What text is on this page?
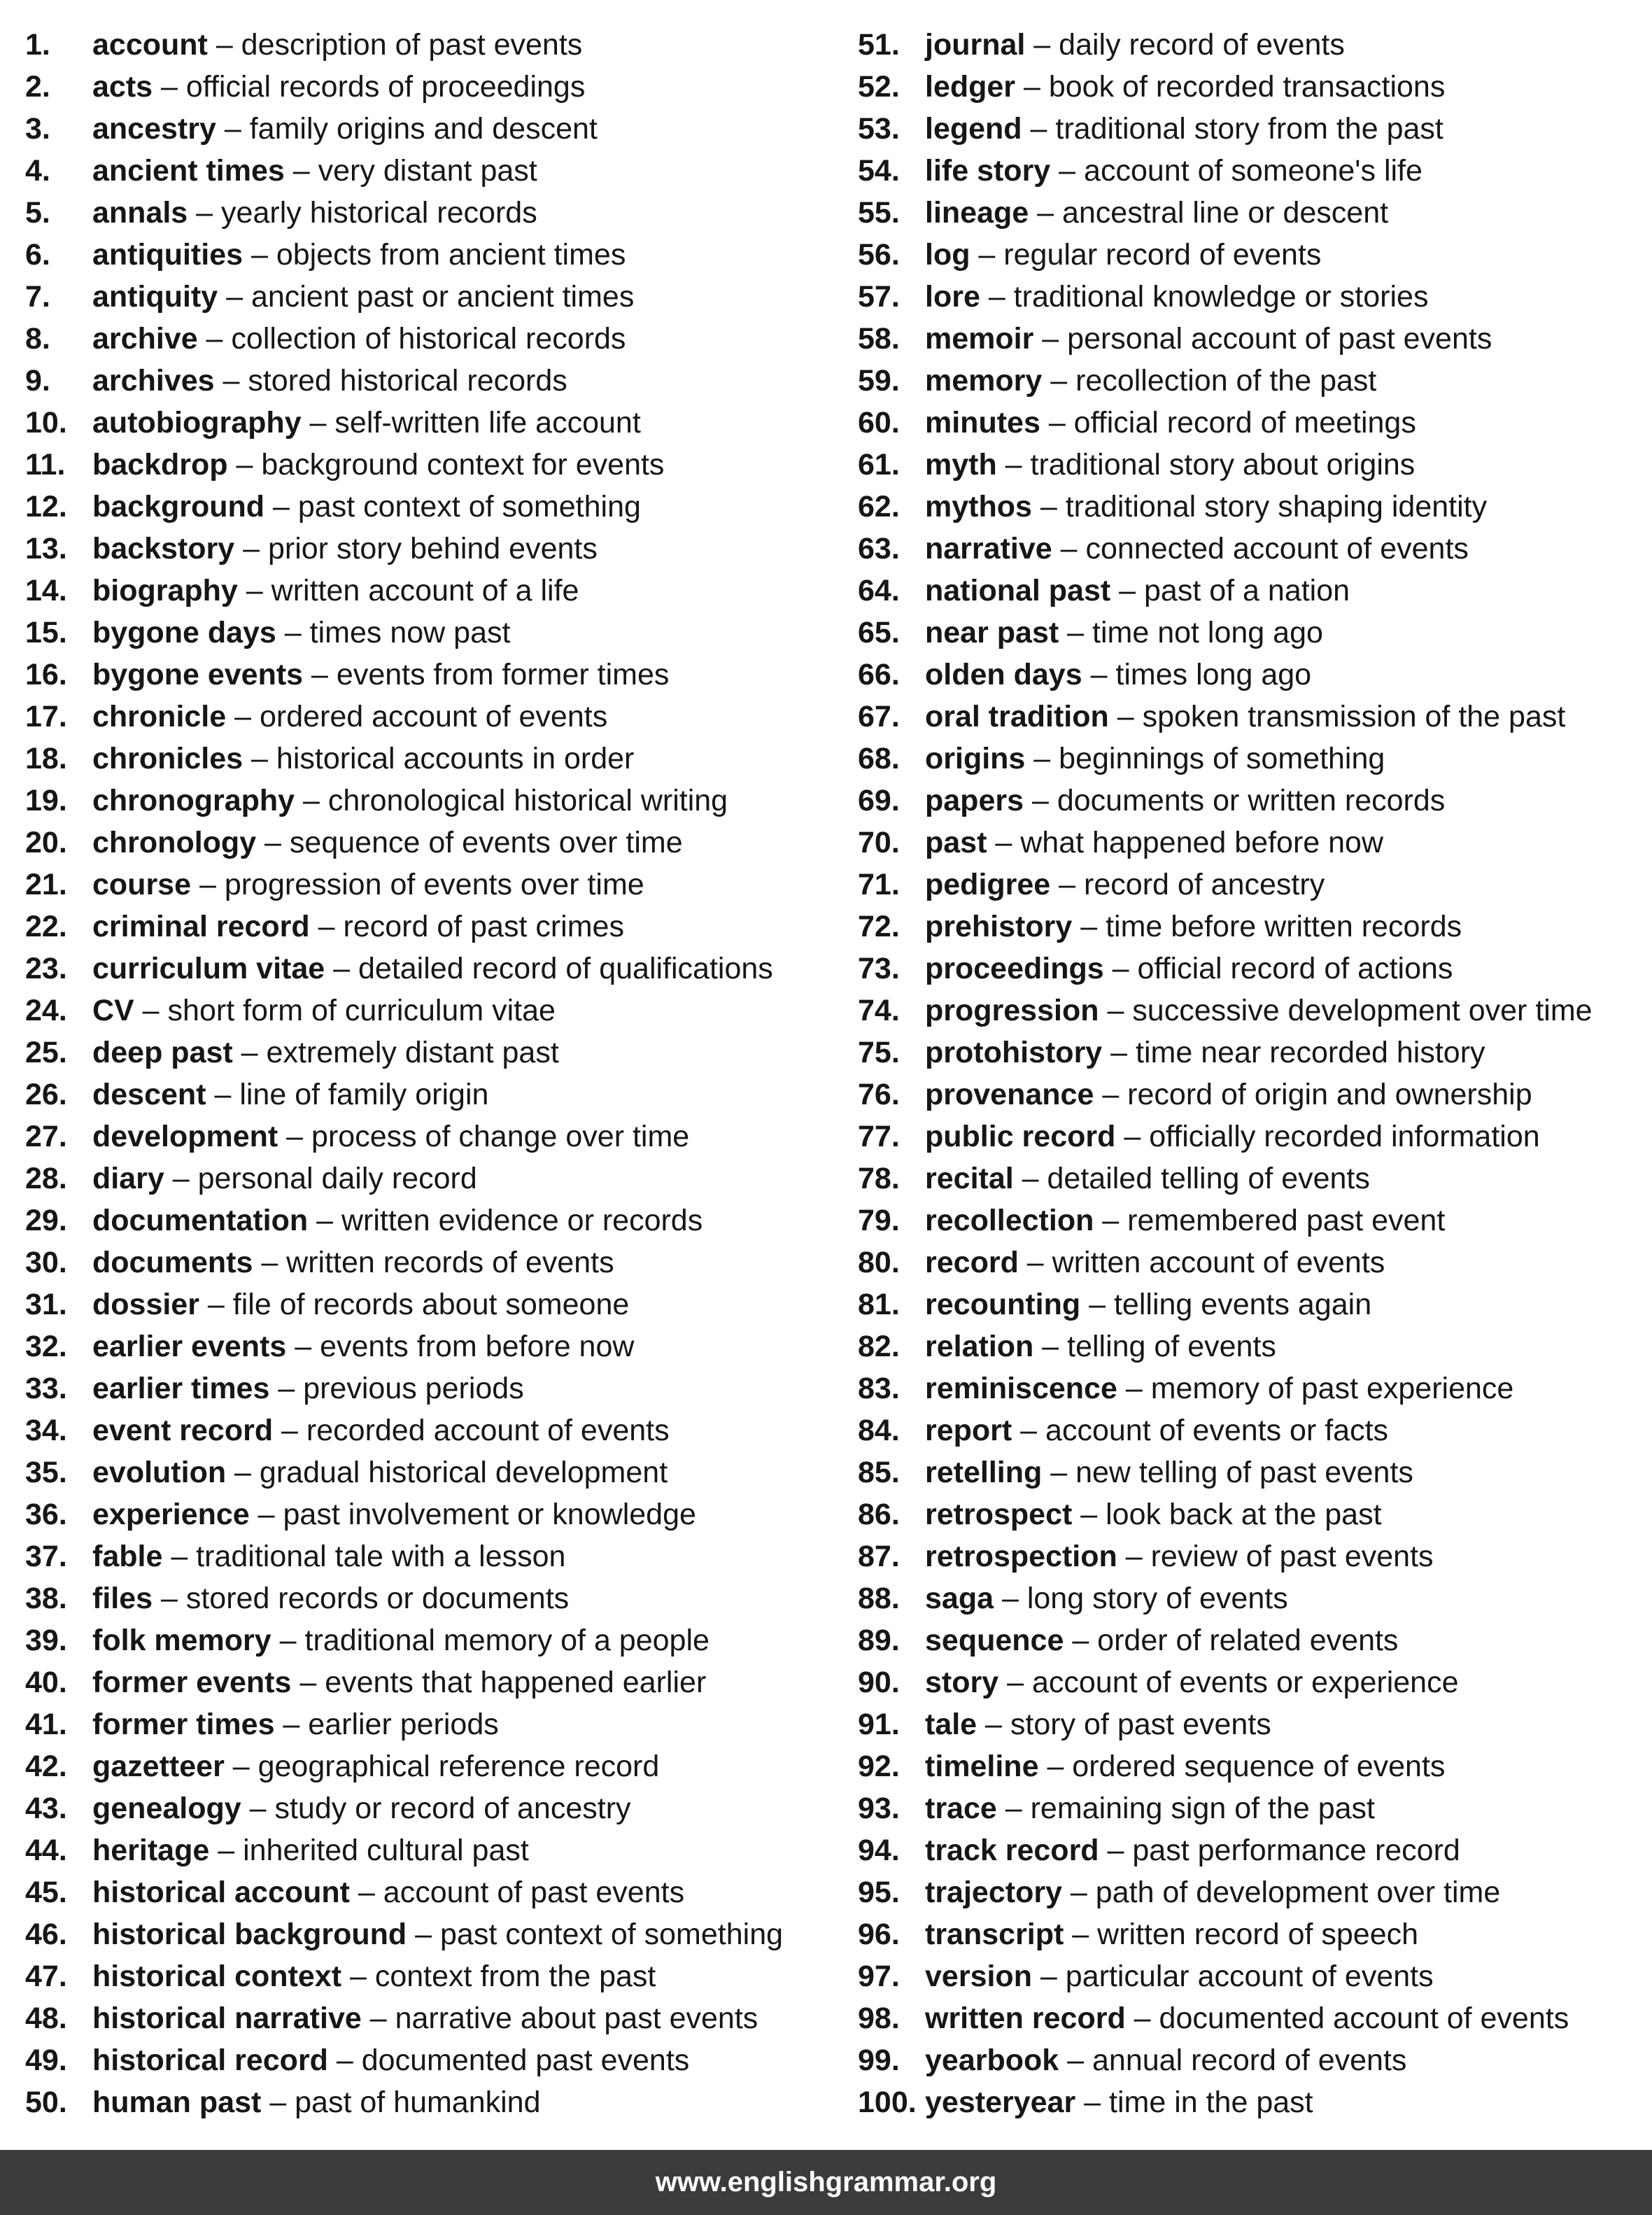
1. account – description of past events
2. acts – official records of proceedings
3. ancestry – family origins and descent
4. ancient times – very distant past
5. annals – yearly historical records
6. antiquities – objects from ancient times
7. antiquity – ancient past or ancient times
8. archive – collection of historical records
9. archives – stored historical records
10. autobiography – self-written life account
11. backdrop – background context for events
12. background – past context of something
13. backstory – prior story behind events
14. biography – written account of a life
15. bygone days – times now past
16. bygone events – events from former times
17. chronicle – ordered account of events
18. chronicles – historical accounts in order
19. chronography – chronological historical writing
20. chronology – sequence of events over time
21. course – progression of events over time
22. criminal record – record of past crimes
23. curriculum vitae – detailed record of qualifications
24. CV – short form of curriculum vitae
25. deep past – extremely distant past
26. descent – line of family origin
27. development – process of change over time
28. diary – personal daily record
29. documentation – written evidence or records
30. documents – written records of events
31. dossier – file of records about someone
32. earlier events – events from before now
33. earlier times – previous periods
34. event record – recorded account of events
35. evolution – gradual historical development
36. experience – past involvement or knowledge
37. fable – traditional tale with a lesson
38. files – stored records or documents
39. folk memory – traditional memory of a people
40. former events – events that happened earlier
41. former times – earlier periods
42. gazetteer – geographical reference record
43. genealogy – study or record of ancestry
44. heritage – inherited cultural past
45. historical account – account of past events
46. historical background – past context of something
47. historical context – context from the past
48. historical narrative – narrative about past events
49. historical record – documented past events
50. human past – past of humankind
51. journal – daily record of events
52. ledger – book of recorded transactions
53. legend – traditional story from the past
54. life story – account of someone's life
55. lineage – ancestral line or descent
56. log – regular record of events
57. lore – traditional knowledge or stories
58. memoir – personal account of past events
59. memory – recollection of the past
60. minutes – official record of meetings
61. myth – traditional story about origins
62. mythos – traditional story shaping identity
63. narrative – connected account of events
64. national past – past of a nation
65. near past – time not long ago
66. olden days – times long ago
67. oral tradition – spoken transmission of the past
68. origins – beginnings of something
69. papers – documents or written records
70. past – what happened before now
71. pedigree – record of ancestry
72. prehistory – time before written records
73. proceedings – official record of actions
74. progression – successive development over time
75. protohistory – time near recorded history
76. provenance – record of origin and ownership
77. public record – officially recorded information
78. recital – detailed telling of events
79. recollection – remembered past event
80. record – written account of events
81. recounting – telling events again
82. relation – telling of events
83. reminiscence – memory of past experience
84. report – account of events or facts
85. retelling – new telling of past events
86. retrospect – look back at the past
87. retrospection – review of past events
88. saga – long story of events
89. sequence – order of related events
90. story – account of events or experience
91. tale – story of past events
92. timeline – ordered sequence of events
93. trace – remaining sign of the past
94. track record – past performance record
95. trajectory – path of development over time
96. transcript – written record of speech
97. version – particular account of events
98. written record – documented account of events
99. yearbook – annual record of events
100. yesteryear – time in the past
www.englishgrammar.org
